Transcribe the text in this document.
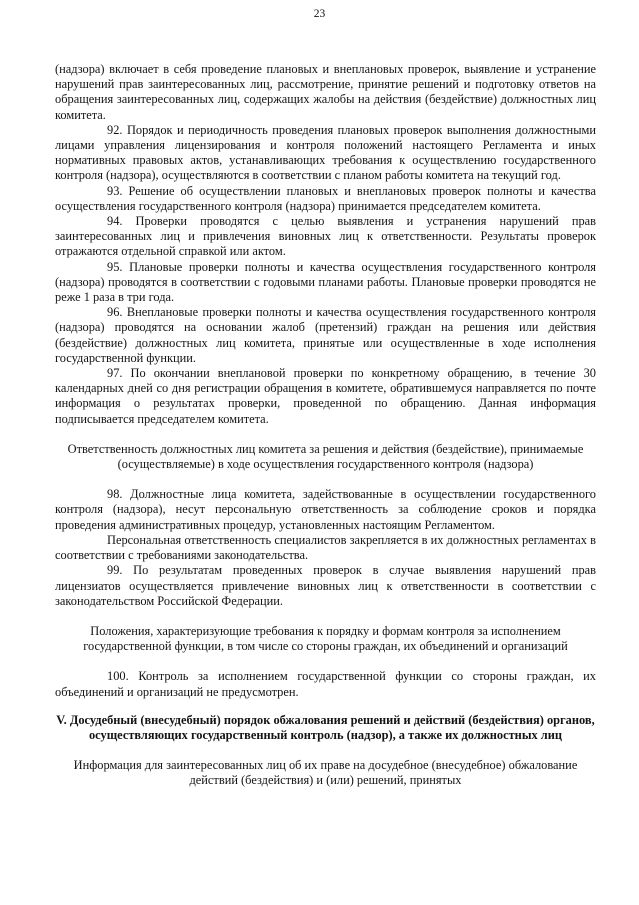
23

(надзора) включает в себя проведение плановых и внеплановых проверок, выявление и устранение нарушений прав заинтересованных лиц, рассмотрение, принятие решений и подготовку ответов на обращения заинтересованных лиц, содержащих жалобы на действия (бездействие) должностных лиц комитета.

92. Порядок и периодичность проведения плановых проверок выполнения должностными лицами управления лицензирования и контроля положений настоящего Регламента и иных нормативных правовых актов, устанавливающих требования к осуществлению государственного контроля (надзора), осуществляются в соответствии с планом работы комитета на текущий год.

93. Решение об осуществлении плановых и внеплановых проверок полноты и качества осуществления государственного контроля (надзора) принимается председателем комитета.

94. Проверки проводятся с целью выявления и устранения нарушений прав заинтересованных лиц и привлечения виновных лиц к ответственности. Результаты проверок отражаются отдельной справкой или актом.

95. Плановые проверки полноты и качества осуществления государственного контроля (надзора) проводятся в соответствии с годовыми планами работы. Плановые проверки проводятся не реже 1 раза в три года.

96. Внеплановые проверки полноты и качества осуществления государственного контроля (надзора) проводятся на основании жалоб (претензий) граждан на решения или действия (бездействие) должностных лиц комитета, принятые или осуществленные в ходе исполнения государственной функции.

97. По окончании внеплановой проверки по конкретному обращению, в течение 30 календарных дней со дня регистрации обращения в комитете, обратившемуся направляется по почте информация о результатах проверки, проведенной по обращению. Данная информация подписывается председателем комитета.

Ответственность должностных лиц комитета за решения и действия (бездействие), принимаемые (осуществляемые) в ходе осуществления государственного контроля (надзора)

98. Должностные лица комитета, задействованные в осуществлении государственного контроля (надзора), несут персональную ответственность за соблюдение сроков и порядка проведения административных процедур, установленных настоящим Регламентом.

Персональная ответственность специалистов закрепляется в их должностных регламентах в соответствии с требованиями законодательства.

99. По результатам проведенных проверок в случае выявления нарушений прав лицензиатов осуществляется привлечение виновных лиц к ответственности в соответствии с законодательством Российской Федерации.

Положения, характеризующие требования к порядку и формам контроля за исполнением государственной функции, в том числе со стороны граждан, их объединений и организаций

100. Контроль за исполнением государственной функции со стороны граждан, их объединений и организаций не предусмотрен.

V. Досудебный (внесудебный) порядок обжалования решений и действий (бездействия) органов, осуществляющих государственный контроль (надзор), а также их должностных лиц

Информация для заинтересованных лиц об их праве на досудебное (внесудебное) обжалование действий (бездействия) и (или) решений, принятых
